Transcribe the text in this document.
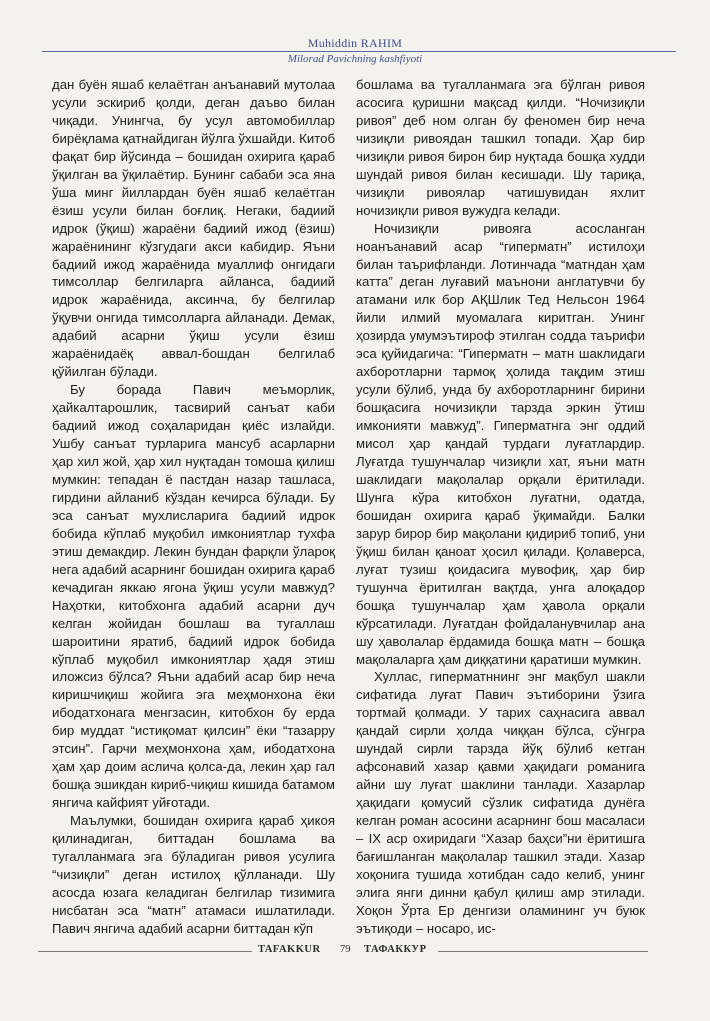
Muhiddin RAHIM
Milorad Pavichning kashfiyoti

дан буён яшаб келаётган анъанавий мутолаа усули эскириб қолди, деган даъво билан чиқади. Унингча, бу усул автомобиллар бирёқлама қатнайдиган йўлга ўхшайди. Китоб фақат бир йўсинда – бошидан охирига қараб ўқилган ва ўқилаётир. Бунинг сабаби эса яна ўша минг йиллардан буён яшаб келаётган ёзиш усули билан боғлиқ. Негаки, бадиий идрок (ўқиш) жараёни бадиий ижод (ёзиш) жараёнининг кўзгудаги акси кабидир. Яъни бадиий ижод жараёнида муаллиф онгидаги тимсоллар белгиларга айланса, бадиий идрок жараёнида, аксинча, бу белгилар ўқувчи онгида тимсолларга айланади. Демак, адабий асарни ўқиш усули ёзиш жараёнидаёқ аввал-бошдан белгилаб қўйилган бўлади.

Бу борада Павич меъморлик, ҳайкалтарошлик, тасвирий санъат каби бадиий ижод соҳаларидан қиёс излайди. Ушбу санъат турларига мансуб асарларни ҳар хил жой, ҳар хил нуқтадан томоша қилиш мумкин: тепадан ё пастдан назар ташласа, гирдини айланиб кўздан кечирса бўлади. Бу эса санъат мухлисларига бадиий идрок бобида кўплаб муқобил имкониятлар тухфа этиш демакдир. Лекин бундан фарқли ўлароқ нега адабий асарнинг бошидан охирига қараб кечадиган яккаю ягона ўқиш усули мавжуд? Наҳотки, китобхонга адабий асарни дуч келган жойидан бошлаш ва тугаллаш шароитини яратиб, бадиий идрок бобида кўплаб муқобил имкониятлар ҳадя этиш иложсиз бўлса? Яъни адабий асар бир неча киришчиқиш жойига эга меҳмонхона ёки ибодатхонага менгзасин, китобхон бу ерда бир муддат “истиқомат қилсин” ёки “тазарру этсин”. Гарчи меҳмонхона ҳам, ибодатхона ҳам ҳар доим аслича қолса-да, лекин ҳар гал бошқа эшикдан кириб-чиқиш кишида батамом янгича кайфият уйғотади.

Маълумки, бошидан охирига қараб ҳикоя қилинадиган, биттадан бошлама ва тугалланмага эга бўладиган ривоя усулига “чизиқли” деган истилоҳ қўлланади. Шу асосда юзага келадиган белгилар тизимига нисбатан эса “матн” атамаси ишлатилади. Павич янгича адабий асарни биттадан кўп

бошлама ва тугалланмага эга бўлган ривоя асосига қуришни мақсад қилди. “Ночизиқли ривоя” деб ном олган бу феномен бир неча чизиқли ривоядан ташкил топади. Ҳар бир чизиқли ривоя бирон бир нуқтада бошқа худди шундай ривоя билан кесишади. Шу тариқа, чизиқли ривоялар чатишувидан яхлит ночизиқли ривоя вужудга келади.

Ночизиқли ривояга асосланган ноанъанавий асар “гиперматн” истилоҳи билан таърифланди. Лотинчада “матндан ҳам катта” деган луғавий маънони англатувчи бу атамани илк бор АҚШлик Тед Нельсон 1964 йили илмий муомалага киритган. Унинг ҳозирда умумэътироф этилган содда таърифи эса қуйидагича: “Гиперматн – матн шаклидаги ахборотларни тармоқ ҳолида тақдим этиш усули бўлиб, унда бу ахборотларнинг бирини бошқасига ночизиқли тарзда эркин ўтиш имконияти мавжуд”. Гиперматнга энг оддий мисол ҳар қандай турдаги луғатлардир. Луғатда тушунчалар чизиқли хат, яъни матн шаклидаги мақолалар орқали ёритилади. Шунга кўра китобхон луғатни, одатда, бошидан охирига қараб ўқимайди. Балки зарур бирор бир мақолани қидириб топиб, уни ўқиш билан қаноат ҳосил қилади. Қолаверса, луғат тузиш қоидасига мувофиқ, ҳар бир тушунча ёритилган вақтда, унга алоқадор бошқа тушунчалар ҳам ҳавола орқали кўрсатилади. Луғатдан фойдаланувчилар ана шу ҳаволалар ёрдамида бошқа матн – бошқа мақолаларга ҳам диққатини қаратиши мумкин.

Хуллас, гиперматннинг энг мақбул шакли сифатида луғат Павич эътиборини ўзига тортмай қолмади. У тарих саҳнасига аввал қандай сирли ҳолда чиққан бўлса, сўнгра шундай сирли тарзда йўқ бўлиб кетган афсонавий хазар қавми ҳақидаги романига айни шу луғат шаклини танлади. Хазарлар ҳақидаги қомусий сўзлик сифатида дунёга келган роман асосини асарнинг бош масаласи – IX аср охиридаги “Хазар баҳси”ни ёритишга бағишланган мақолалар ташкил этади. Хазар хоқонига тушида хотибдан садо келиб, унинг элига янги динни қабул қилиш амр этилади. Хоқон Ўрта Ер денгизи оламининг уч буюк эътиқоди – носаро, ис-

TAFAKKUR 79 ТАФАККУР
